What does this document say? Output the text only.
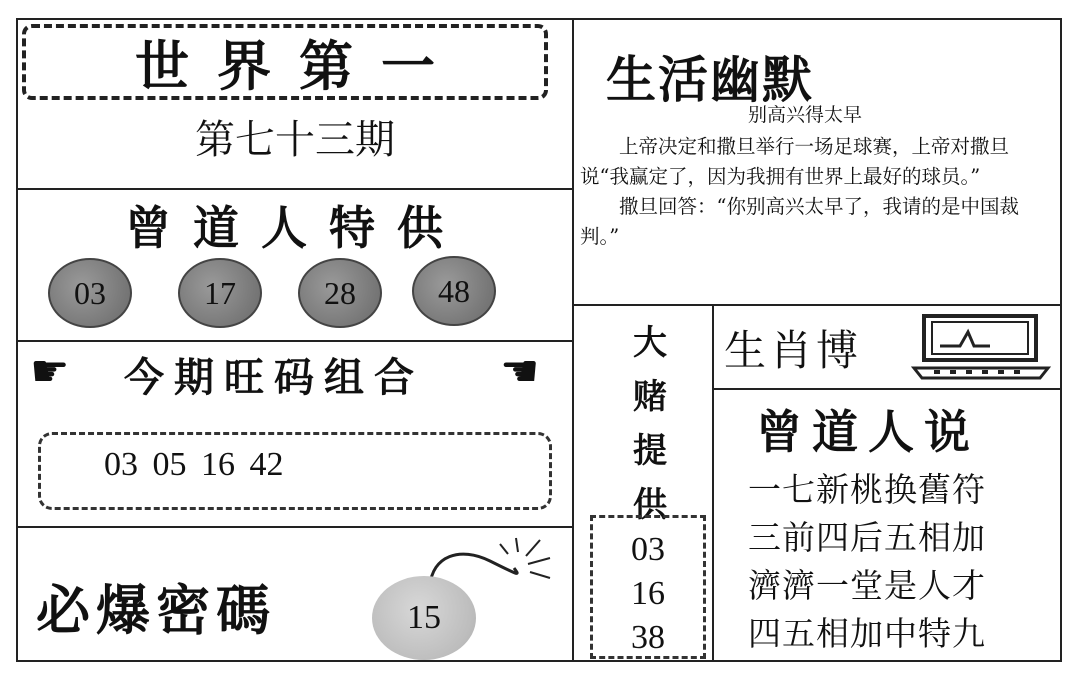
世界第一
第七十三期
曾道人特供
03	17	28	48
☛ 今期旺码组合 ☚
03 05 16 42
必爆密碼	15
生活幽默
别高兴得太早

上帝决定和撒旦举行一场足球赛，上帝对撒旦说“我赢定了，因为我拥有世界上最好的球员。”

撒旦回答：“你别高兴太早了，我请的是中国裁判。”

大
赌
提
供
03
16
38
生肖博
曾道人说
一七新桃换舊符
三前四后五相加
濟濟一堂是人才
四五相加中特九
